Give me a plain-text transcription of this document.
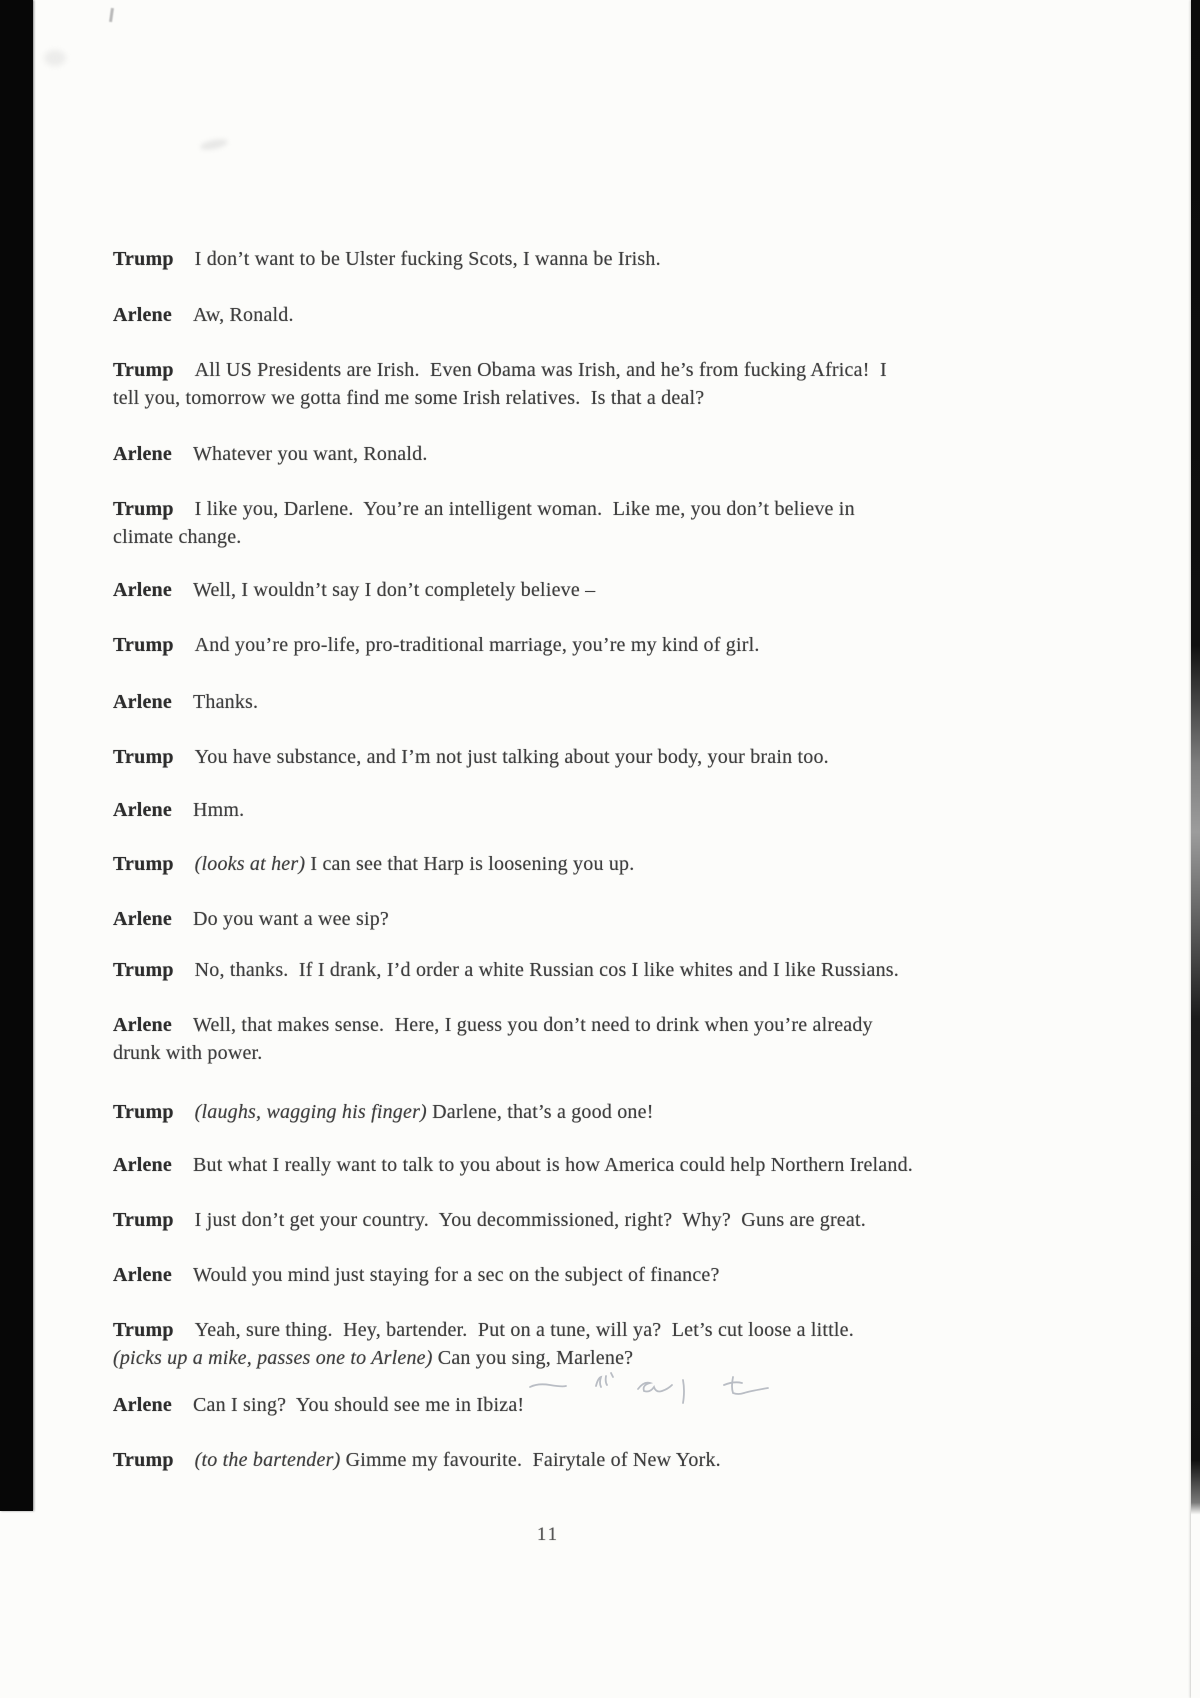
Trump I don’t want to be Ulster fucking Scots, I wanna be Irish.

Arlene Aw, Ronald.

Trump All US Presidents are Irish.  Even Obama was Irish, and he’s from fucking Africa!  I
tell you, tomorrow we gotta find me some Irish relatives.  Is that a deal?

Arlene Whatever you want, Ronald.

Trump I like you, Darlene.  You’re an intelligent woman.  Like me, you don’t believe in
climate change.

Arlene Well, I wouldn’t say I don’t completely believe –

Trump And you’re pro-life, pro-traditional marriage, you’re my kind of girl.

Arlene Thanks.

Trump You have substance, and I’m not just talking about your body, your brain too.

Arlene Hmm.

Trump (looks at her) I can see that Harp is loosening you up.

Arlene Do you want a wee sip?

Trump No, thanks.  If I drank, I’d order a white Russian cos I like whites and I like Russians.

Arlene Well, that makes sense.  Here, I guess you don’t need to drink when you’re already
drunk with power.

Trump (laughs, wagging his finger) Darlene, that’s a good one!

Arlene But what I really want to talk to you about is how America could help Northern Ireland.

Trump I just don’t get your country.  You decommissioned, right?  Why?  Guns are great.

Arlene Would you mind just staying for a sec on the subject of finance?

Trump Yeah, sure thing.  Hey, bartender.  Put on a tune, will ya?  Let’s cut loose a little.
(picks up a mike, passes one to Arlene) Can you sing, Marlene?

Arlene Can I sing?  You should see me in Ibiza!

Trump (to the bartender) Gimme my favourite.  Fairytale of New York.

11
